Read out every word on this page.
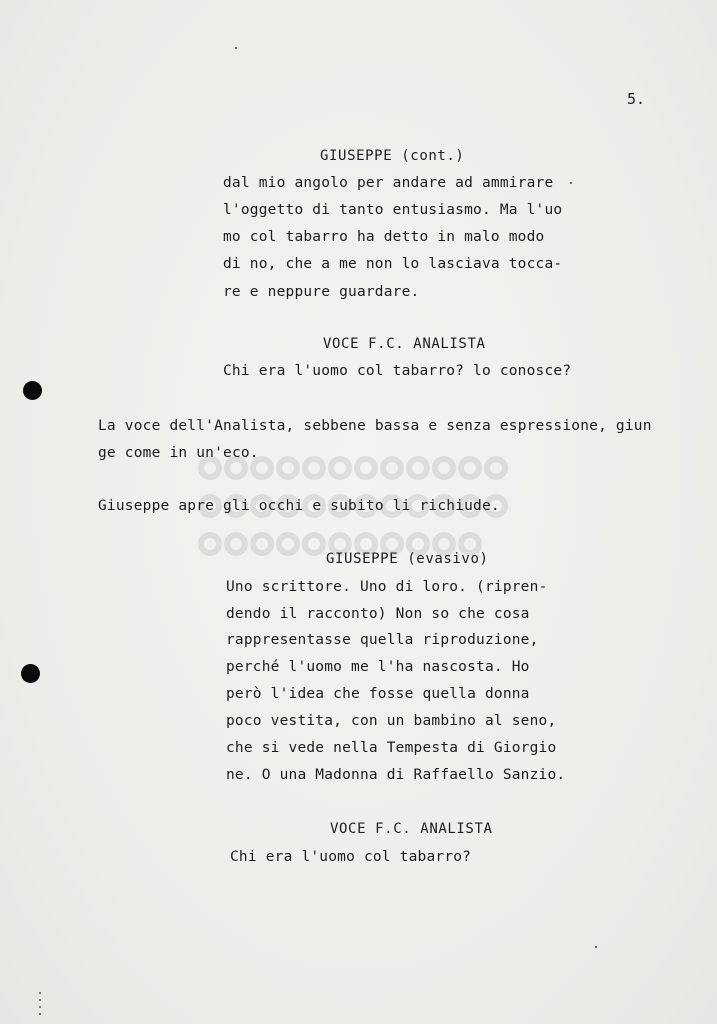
5.
GIUSEPPE (cont.)
dal mio angolo per andare ad ammirare
l'oggetto di tanto entusiasmo. Ma l'uo
mo col tabarro ha detto in malo modo
di no, che a me non lo lasciava tocca-
re e neppure guardare.
VOCE F.C. ANALISTA
Chi era l'uomo col tabarro? lo conosce?
La voce dell'Analista, sebbene bassa e senza espressione, giun
ge come in un'eco.
Giuseppe apre gli occhi e subito li richiude.
GIUSEPPE (evasivo)
Uno scrittore. Uno di loro. (ripren-
dendo il racconto) Non so che cosa
rappresentasse quella riproduzione,
perché l'uomo me l'ha nascosta. Ho
però l'idea che fosse quella donna
poco vestita, con un bambino al seno,
che si vede nella Tempesta di Giorgio
ne. O una Madonna di Raffaello Sanzio.
VOCE F.C. ANALISTA
Chi era l'uomo col tabarro?
